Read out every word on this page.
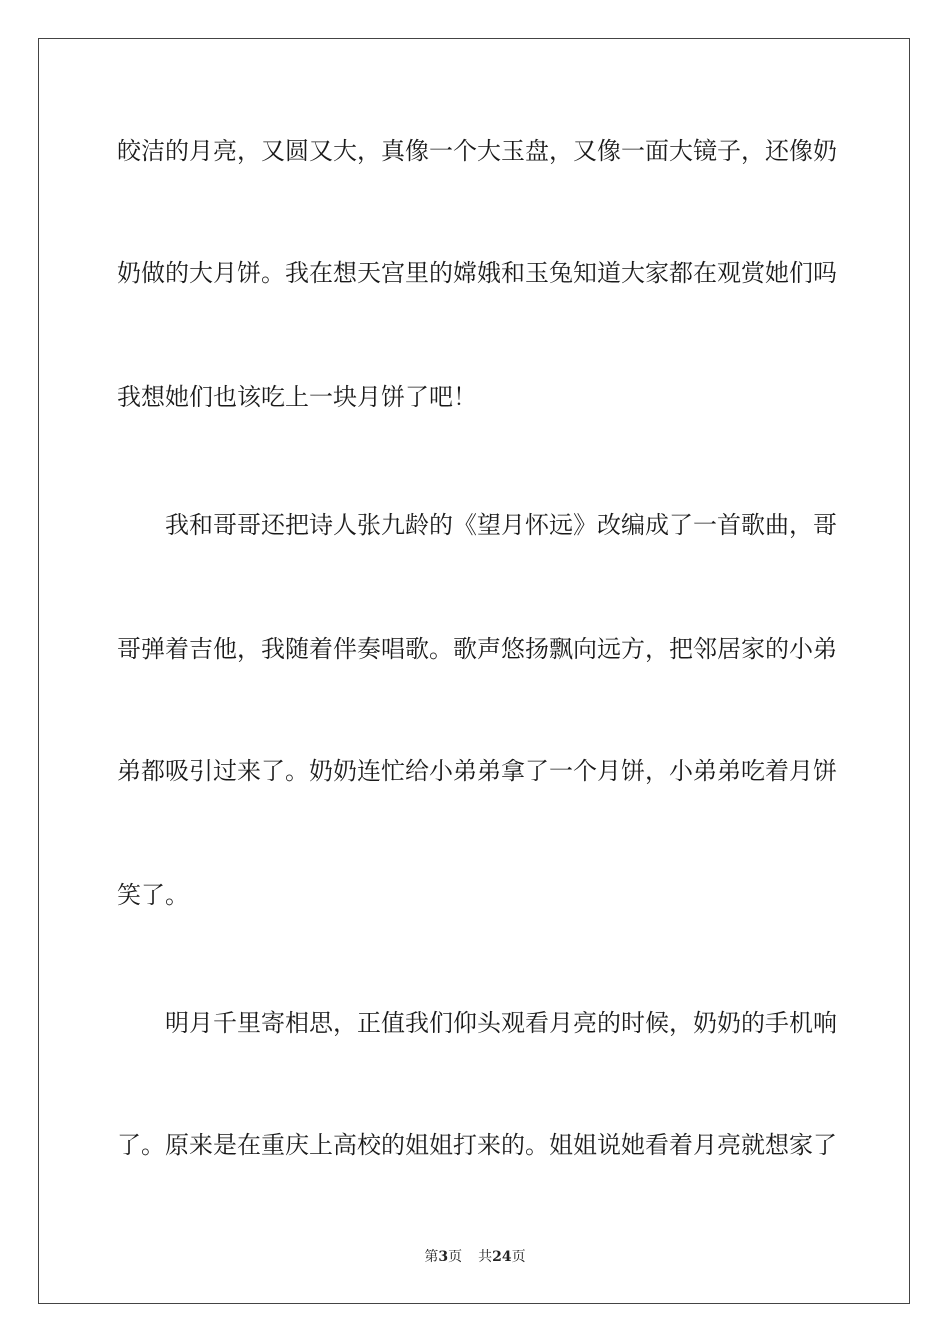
皎洁的月亮，又圆又大，真像一个大玉盘，又像一面大镜子，还像奶
奶做的大月饼。我在想天宫里的嫦娥和玉兔知道大家都在观赏她们吗
我想她们也该吃上一块月饼了吧！
我和哥哥还把诗人张九龄的《望月怀远》改编成了一首歌曲，哥
哥弹着吉他，我随着伴奏唱歌。歌声悠扬飘向远方，把邻居家的小弟
弟都吸引过来了。奶奶连忙给小弟弟拿了一个月饼，小弟弟吃着月饼
笑了。
明月千里寄相思，正值我们仰头观看月亮的时候，奶奶的手机响
了。原来是在重庆上高校的姐姐打来的。姐姐说她看着月亮就想家了
第3页 共24页
